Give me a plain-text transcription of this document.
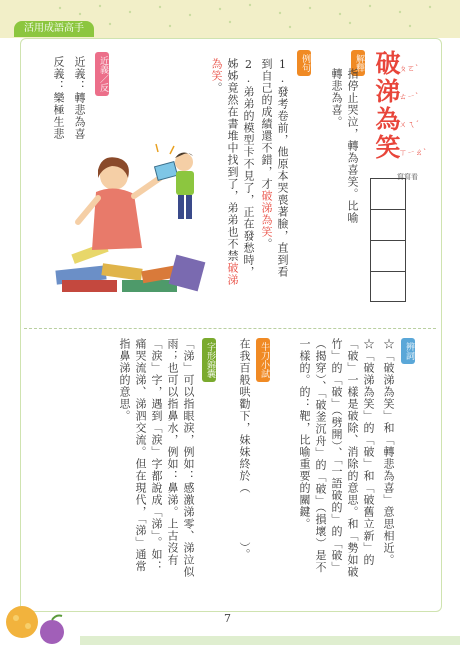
活用成語高手
破涕為笑
ㄆㄛˋ
ㄊㄧˋ
ㄨㄟˊ
ㄒㄧㄠˋ
解釋
指停止哭泣，轉為喜笑。比喻轉悲為喜。
寫寫看
例句
1.發考卷前，他原本哭喪著臉，直到看到自己的成績還不錯，才破涕為笑。
2.弟弟的模型卡不見了，正在發愁時，姊姊竟然在書堆中找到了，弟弟也不禁破涕為笑。
近義／反
近義：轉悲為喜
反義：樂極生悲
辨詞
☆「破涕為笑」和「轉悲為喜」意思相近。
☆「破涕為笑」的「破」和「破舊立新」的「破」一樣是破除、消除的意思。和「勢如破竹」的「破」（劈開）、「一語破的」的「破」（揭穿）、「破釜沉舟」的「破」（損壞）是不一樣的。的：靶，比喻重要的關鍵。
牛刀小試
在我百般哄勸下，妹妹終於（　　　　）。
字形錦囊
「涕」可以指眼淚，例如：感激涕零、涕泣似雨；也可以指鼻水，例如：鼻涕。上古沒有「淚」字，遇到「淚」字都說成「涕」。如：痛哭流涕、涕泗交流。但在現代，「涕」通常指鼻涕的意思。
7
